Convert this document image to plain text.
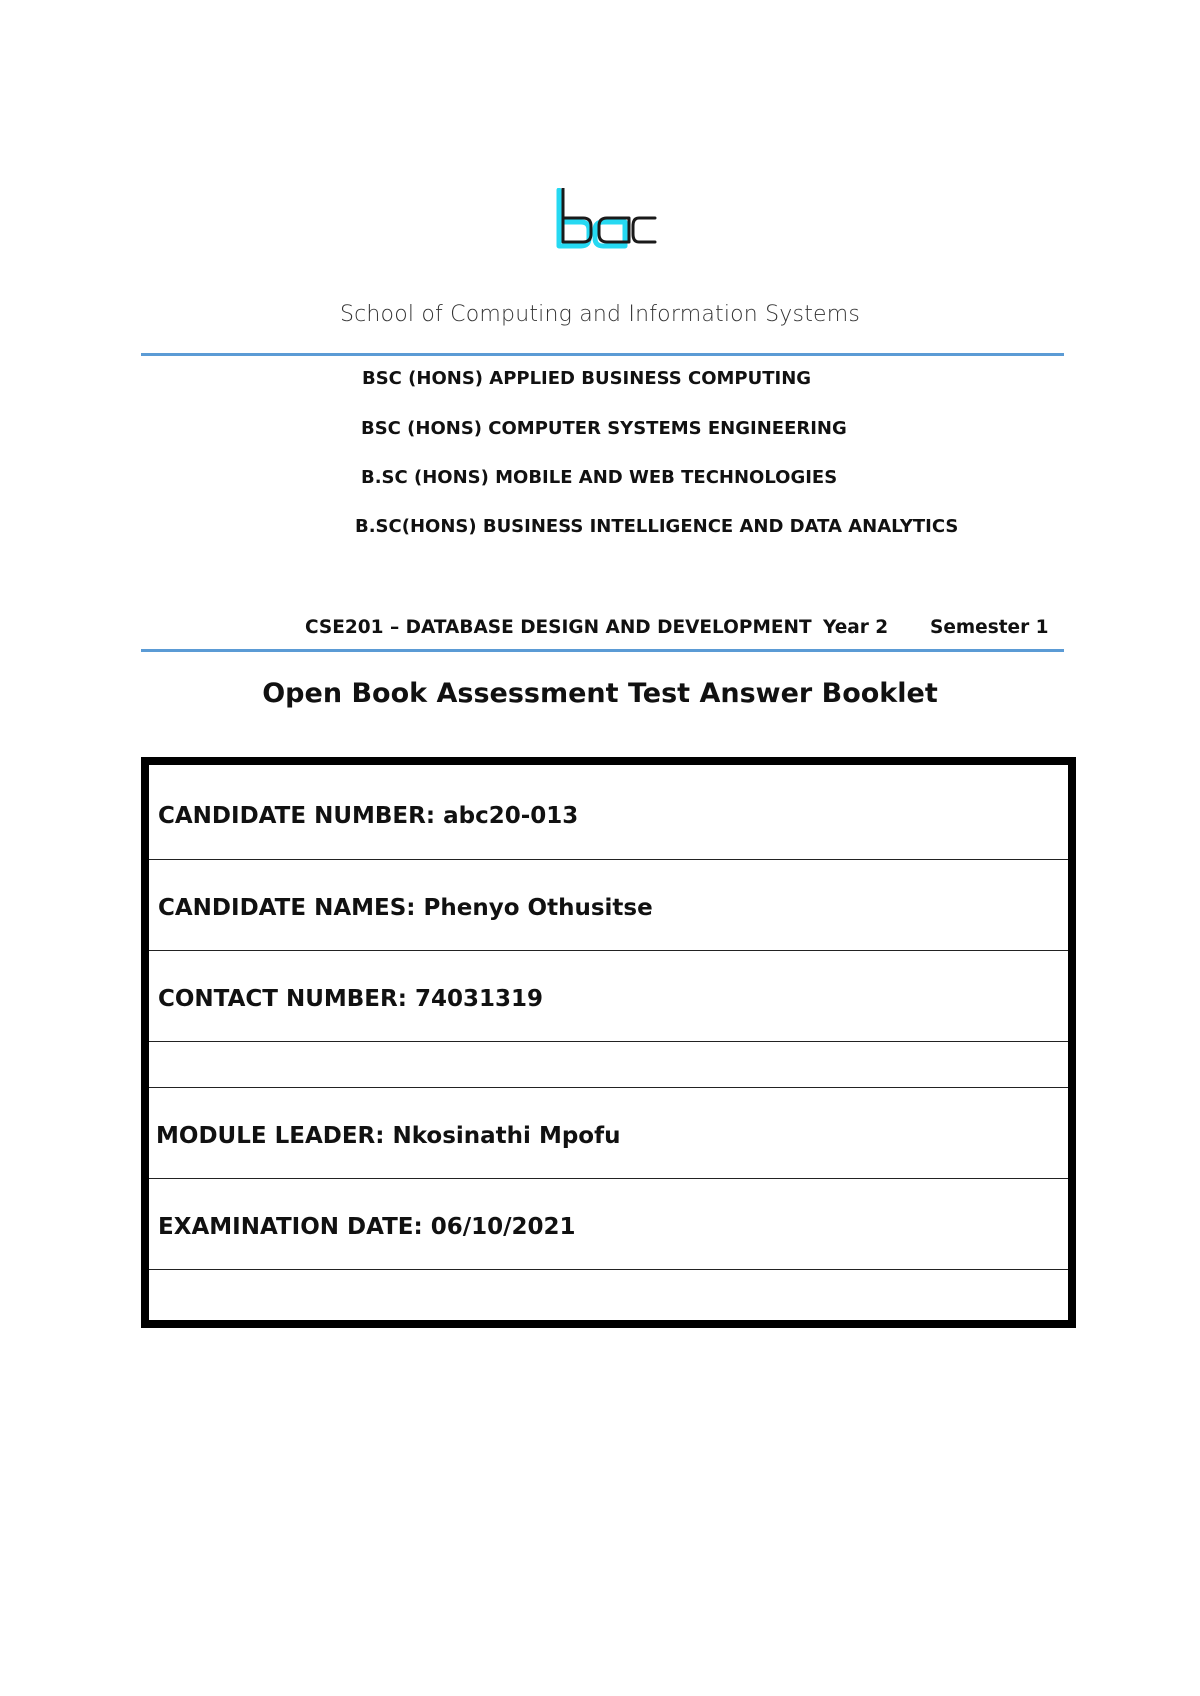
School of Computing and Information Systems
BSC (HONS) APPLIED BUSINESS COMPUTING
BSC (HONS) COMPUTER SYSTEMS ENGINEERING
B.SC (HONS) MOBILE AND WEB TECHNOLOGIES
B.SC(HONS) BUSINESS INTELLIGENCE AND DATA ANALYTICS
CSE201 – DATABASE DESIGN AND DEVELOPMENT Year 2 Semester 1
Open Book Assessment Test Answer Booklet
CANDIDATE NUMBER: abc20-013
CANDIDATE NAMES: Phenyo Othusitse
CONTACT NUMBER: 74031319
MODULE LEADER: Nkosinathi Mpofu
EXAMINATION DATE: 06/10/2021
